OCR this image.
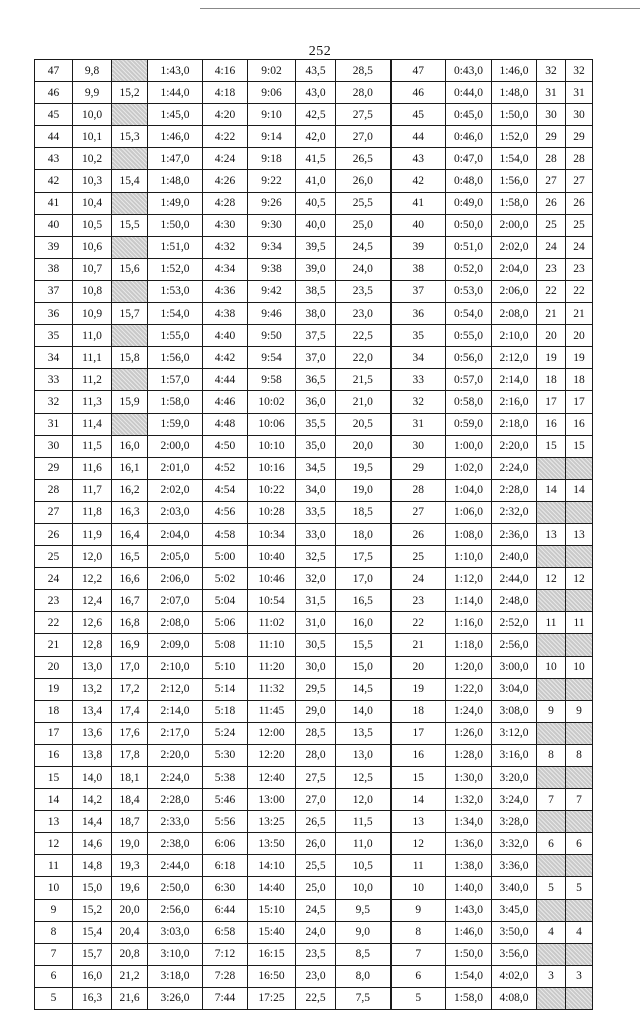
252
47	9,8		1:43,0	4:16	9:02	43,5	28,5	47	0:43,0	1:46,0	32	32
46	9,9	15,2	1:44,0	4:18	9:06	43,0	28,0	46	0:44,0	1:48,0	31	31
45	10,0		1:45,0	4:20	9:10	42,5	27,5	45	0:45,0	1:50,0	30	30
44	10,1	15,3	1:46,0	4:22	9:14	42,0	27,0	44	0:46,0	1:52,0	29	29
43	10,2		1:47,0	4:24	9:18	41,5	26,5	43	0:47,0	1:54,0	28	28
42	10,3	15,4	1:48,0	4:26	9:22	41,0	26,0	42	0:48,0	1:56,0	27	27
41	10,4		1:49,0	4:28	9:26	40,5	25,5	41	0:49,0	1:58,0	26	26
40	10,5	15,5	1:50,0	4:30	9:30	40,0	25,0	40	0:50,0	2:00,0	25	25
39	10,6		1:51,0	4:32	9:34	39,5	24,5	39	0:51,0	2:02,0	24	24
38	10,7	15,6	1:52,0	4:34	9:38	39,0	24,0	38	0:52,0	2:04,0	23	23
37	10,8		1:53,0	4:36	9:42	38,5	23,5	37	0:53,0	2:06,0	22	22
36	10,9	15,7	1:54,0	4:38	9:46	38,0	23,0	36	0:54,0	2:08,0	21	21
35	11,0		1:55,0	4:40	9:50	37,5	22,5	35	0:55,0	2:10,0	20	20
34	11,1	15,8	1:56,0	4:42	9:54	37,0	22,0	34	0:56,0	2:12,0	19	19
33	11,2		1:57,0	4:44	9:58	36,5	21,5	33	0:57,0	2:14,0	18	18
32	11,3	15,9	1:58,0	4:46	10:02	36,0	21,0	32	0:58,0	2:16,0	17	17
31	11,4		1:59,0	4:48	10:06	35,5	20,5	31	0:59,0	2:18,0	16	16
30	11,5	16,0	2:00,0	4:50	10:10	35,0	20,0	30	1:00,0	2:20,0	15	15
29	11,6	16,1	2:01,0	4:52	10:16	34,5	19,5	29	1:02,0	2:24,0		
28	11,7	16,2	2:02,0	4:54	10:22	34,0	19,0	28	1:04,0	2:28,0	14	14
27	11,8	16,3	2:03,0	4:56	10:28	33,5	18,5	27	1:06,0	2:32,0		
26	11,9	16,4	2:04,0	4:58	10:34	33,0	18,0	26	1:08,0	2:36,0	13	13
25	12,0	16,5	2:05,0	5:00	10:40	32,5	17,5	25	1:10,0	2:40,0		
24	12,2	16,6	2:06,0	5:02	10:46	32,0	17,0	24	1:12,0	2:44,0	12	12
23	12,4	16,7	2:07,0	5:04	10:54	31,5	16,5	23	1:14,0	2:48,0		
22	12,6	16,8	2:08,0	5:06	11:02	31,0	16,0	22	1:16,0	2:52,0	11	11
21	12,8	16,9	2:09,0	5:08	11:10	30,5	15,5	21	1:18,0	2:56,0		
20	13,0	17,0	2:10,0	5:10	11:20	30,0	15,0	20	1:20,0	3:00,0	10	10
19	13,2	17,2	2:12,0	5:14	11:32	29,5	14,5	19	1:22,0	3:04,0		
18	13,4	17,4	2:14,0	5:18	11:45	29,0	14,0	18	1:24,0	3:08,0	9	9
17	13,6	17,6	2:17,0	5:24	12:00	28,5	13,5	17	1:26,0	3:12,0		
16	13,8	17,8	2:20,0	5:30	12:20	28,0	13,0	16	1:28,0	3:16,0	8	8
15	14,0	18,1	2:24,0	5:38	12:40	27,5	12,5	15	1:30,0	3:20,0		
14	14,2	18,4	2:28,0	5:46	13:00	27,0	12,0	14	1:32,0	3:24,0	7	7
13	14,4	18,7	2:33,0	5:56	13:25	26,5	11,5	13	1:34,0	3:28,0		
12	14,6	19,0	2:38,0	6:06	13:50	26,0	11,0	12	1:36,0	3:32,0	6	6
11	14,8	19,3	2:44,0	6:18	14:10	25,5	10,5	11	1:38,0	3:36,0		
10	15,0	19,6	2:50,0	6:30	14:40	25,0	10,0	10	1:40,0	3:40,0	5	5
9	15,2	20,0	2:56,0	6:44	15:10	24,5	9,5	9	1:43,0	3:45,0		
8	15,4	20,4	3:03,0	6:58	15:40	24,0	9,0	8	1:46,0	3:50,0	4	4
7	15,7	20,8	3:10,0	7:12	16:15	23,5	8,5	7	1:50,0	3:56,0		
6	16,0	21,2	3:18,0	7:28	16:50	23,0	8,0	6	1:54,0	4:02,0	3	3
5	16,3	21,6	3:26,0	7:44	17:25	22,5	7,5	5	1:58,0	4:08,0		
